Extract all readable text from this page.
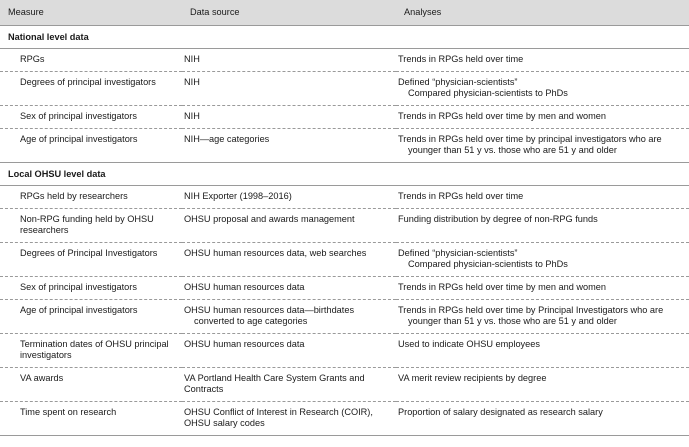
Measure	Data source	Analyses
National level data		
RPGs	NIH	Trends in RPGs held over time
Degrees of principal investigators	NIH	Defined “physician-scientists”
Compared physician-scientists to PhDs

Sex of principal investigators	NIH	Trends in RPGs held over time by men and women
Age of principal investigators	NIH—age categories	Trends in RPGs held over time by principal investigators who are younger than 51 y vs. those who are 51 y and older

Local OHSU level data		
RPGs held by researchers	NIH Exporter (1998–2016)	Trends in RPGs held over time
Non-RPG funding held by OHSU researchers	OHSU proposal and awards management	Funding distribution by degree of non-RPG funds
Degrees of Principal Investigators	OHSU human resources data, web searches	Defined “physician-scientists”
Compared physician-scientists to PhDs

Sex of principal investigators	OHSU human resources data	Trends in RPGs held over time by men and women
Age of principal investigators	OHSU human resources data—birthdates converted to age categories	Trends in RPGs held over time by Principal Investigators who are younger than 51 y vs. those who are 51 y and older

Termination dates of OHSU principal investigators	OHSU human resources data	Used to indicate OHSU employees
VA awards	VA Portland Health Care System Grants and Contracts	VA merit review recipients by degree
Time spent on research	OHSU Conflict of Interest in Research (COIR), OHSU salary codes	Proportion of salary designated as research salary
